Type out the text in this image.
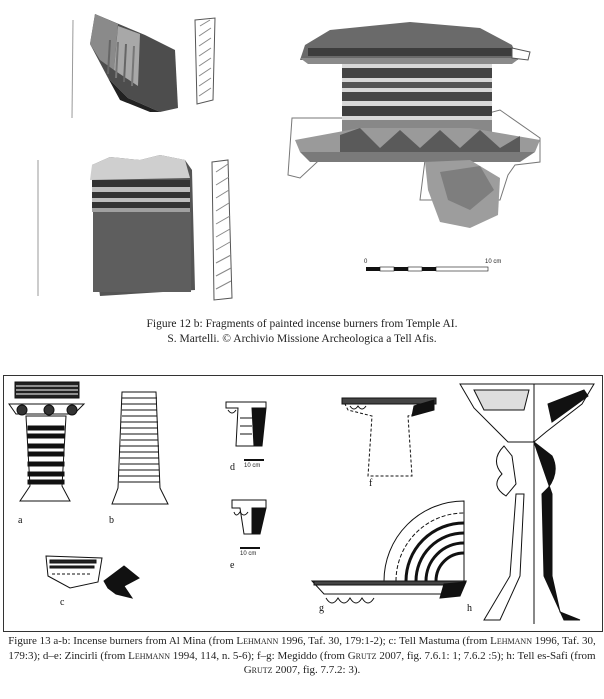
0	10 cm
Figure 12 b: Fragments of painted incense burners from Temple AI.
S. Martelli. © Archivio Missione Archeologica a Tell Afis.
a	b
c
d
e
f
g	h
10 cm
10 cm
Figure 13 a-b: Incense burners from Al Mina (from Lehmann 1996, Taf. 30, 179:1-2); c: Tell Mastuma (from Lehmann 1996, Taf. 30, 179:3); d–e: Zincirli (from Lehmann 1994, 114, n. 5-6); f–g: Megiddo (from Grutz 2007, fig. 7.6.1: 1; 7.6.2 :5); h: Tell es-Safi (from Grutz 2007, fig. 7.7.2: 3).
